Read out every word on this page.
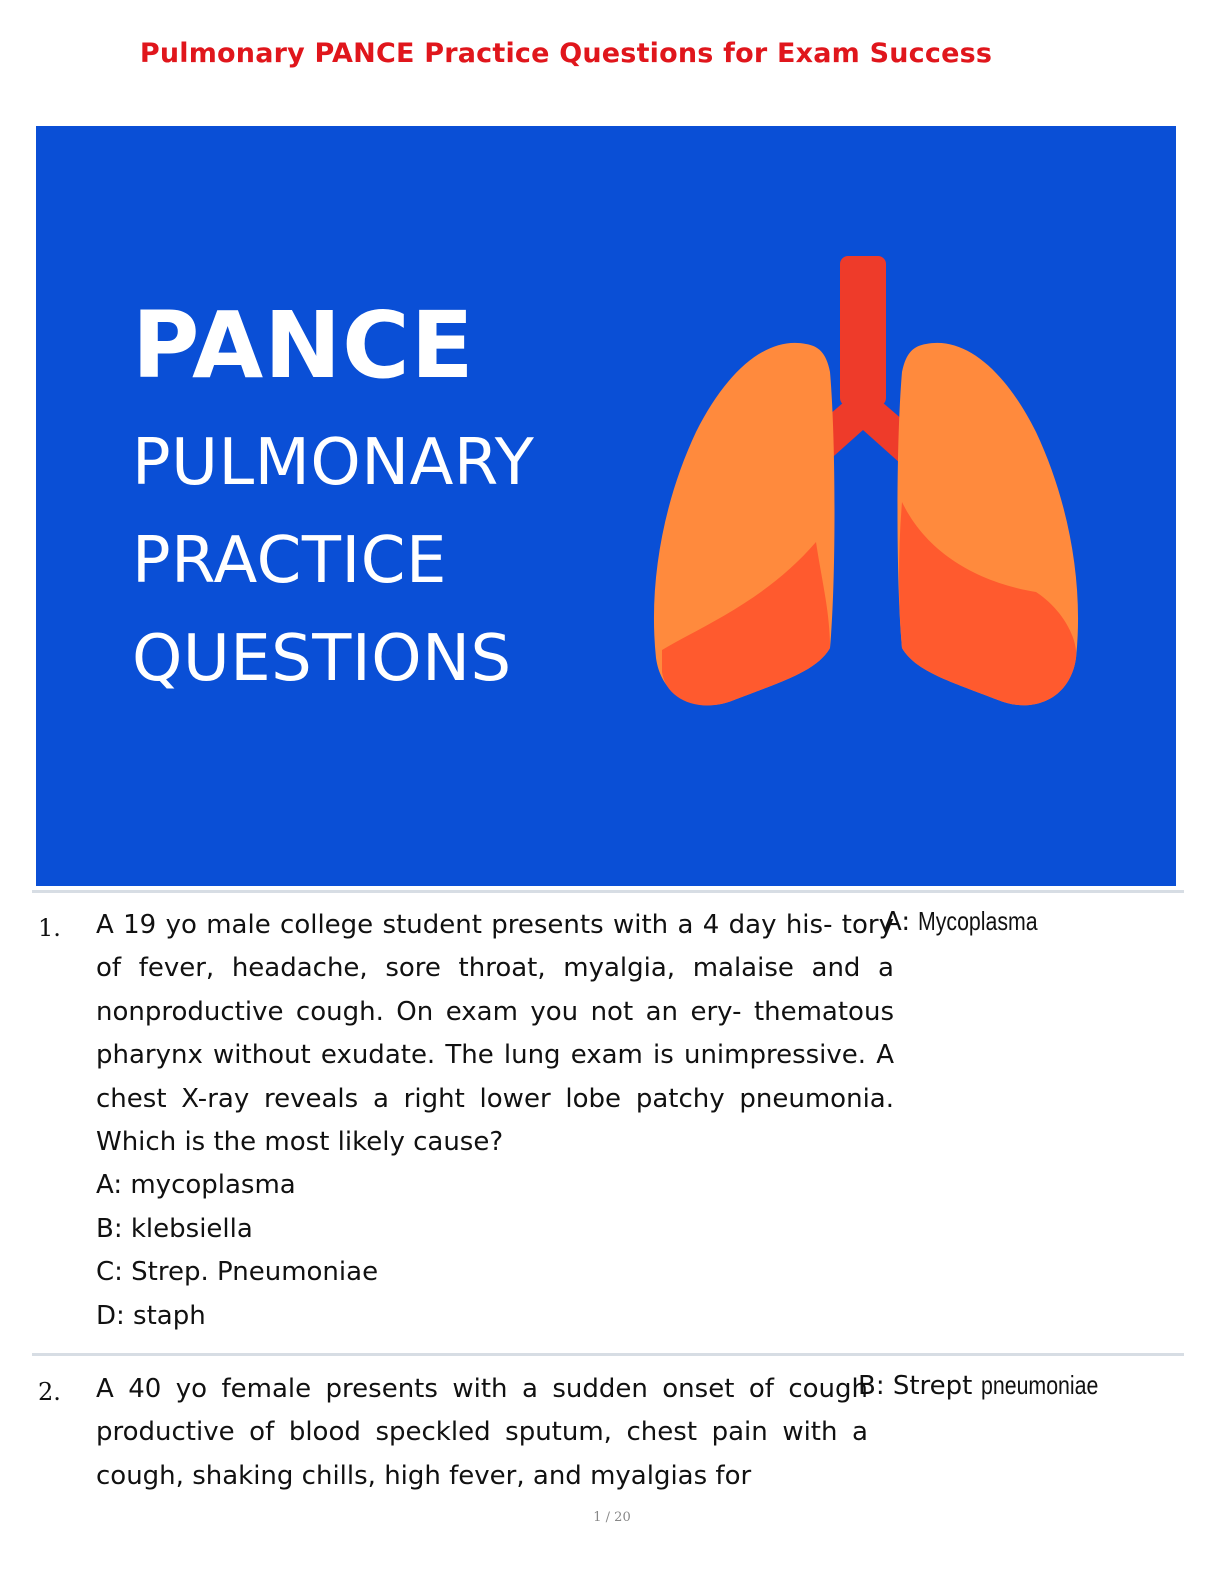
Pulmonary PANCE Practice Questions for Exam Success
PANCE
PULMONARY
PRACTICE
QUESTIONS
1.	A: Mycoplasma
A 19 yo male college student presents with a 4 day his- tory of fever, headache, sore throat, myalgia, malaise and a nonproductive cough. On exam you not an ery- thematous pharynx without exudate. The lung exam is unimpressive. A chest X-ray reveals a right lower lobe patchy pneumonia. Which is the most likely cause?
A: mycoplasma
B: klebsiella
C: Strep. Pneumoniae
D: staph
2.	B: Strept pneumoniae
A 40 yo female presents with a sudden onset of cough productive of blood speckled sputum, chest pain with a cough, shaking chills, high fever, and myalgias for
1 / 20
